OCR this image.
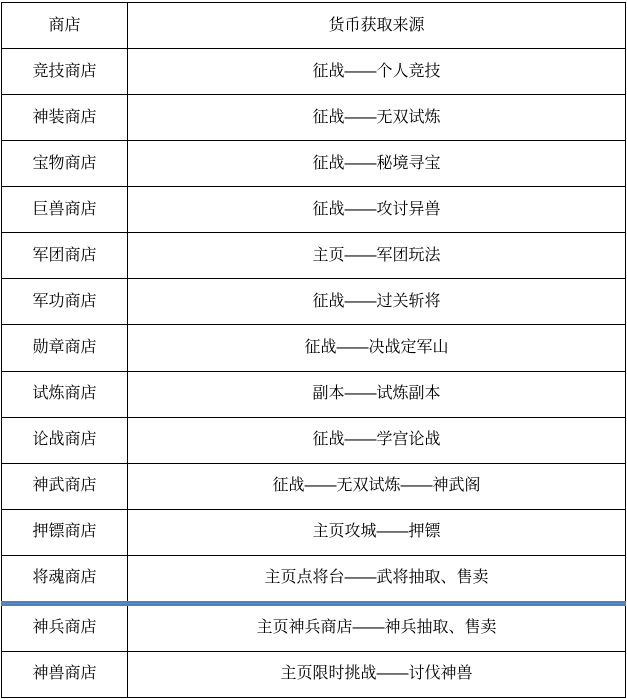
商店	货币获取来源
竞技商店	征战——个人竞技
神装商店	征战——无双试炼
宝物商店	征战——秘境寻宝
巨兽商店	征战——攻讨异兽
军团商店	主页——军团玩法
军功商店	征战——过关斩将
勋章商店	征战——决战定军山
试炼商店	副本——试炼副本
论战商店	征战——学宫论战
神武商店	征战——无双试炼——神武阁
押镖商店	主页攻城——押镖
将魂商店	主页点将台——武将抽取、售卖
神兵商店	主页神兵商店——神兵抽取、售卖
神兽商店	主页限时挑战——讨伐神兽
